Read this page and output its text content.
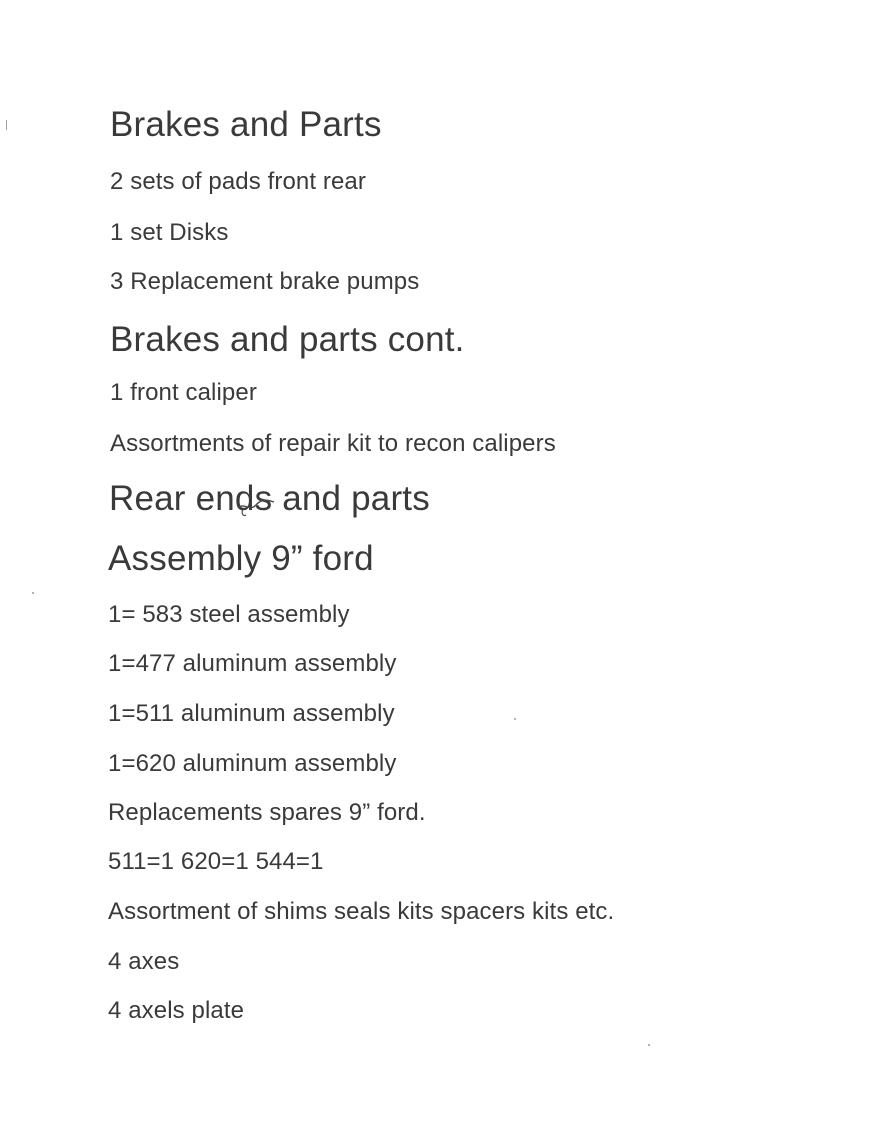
Brakes and Parts
2 sets of pads front rear
1 set Disks
3 Replacement brake pumps
Brakes and parts cont.
1 front caliper
Assortments of repair kit to recon calipers
Rear ends and parts
Assembly 9” ford
1= 583 steel assembly
1=477 aluminum assembly
1=511 aluminum assembly
1=620 aluminum assembly
Replacements spares 9” ford.
511=1 620=1 544=1
Assortment of shims seals kits spacers kits etc.
4 axes
4 axels plate
